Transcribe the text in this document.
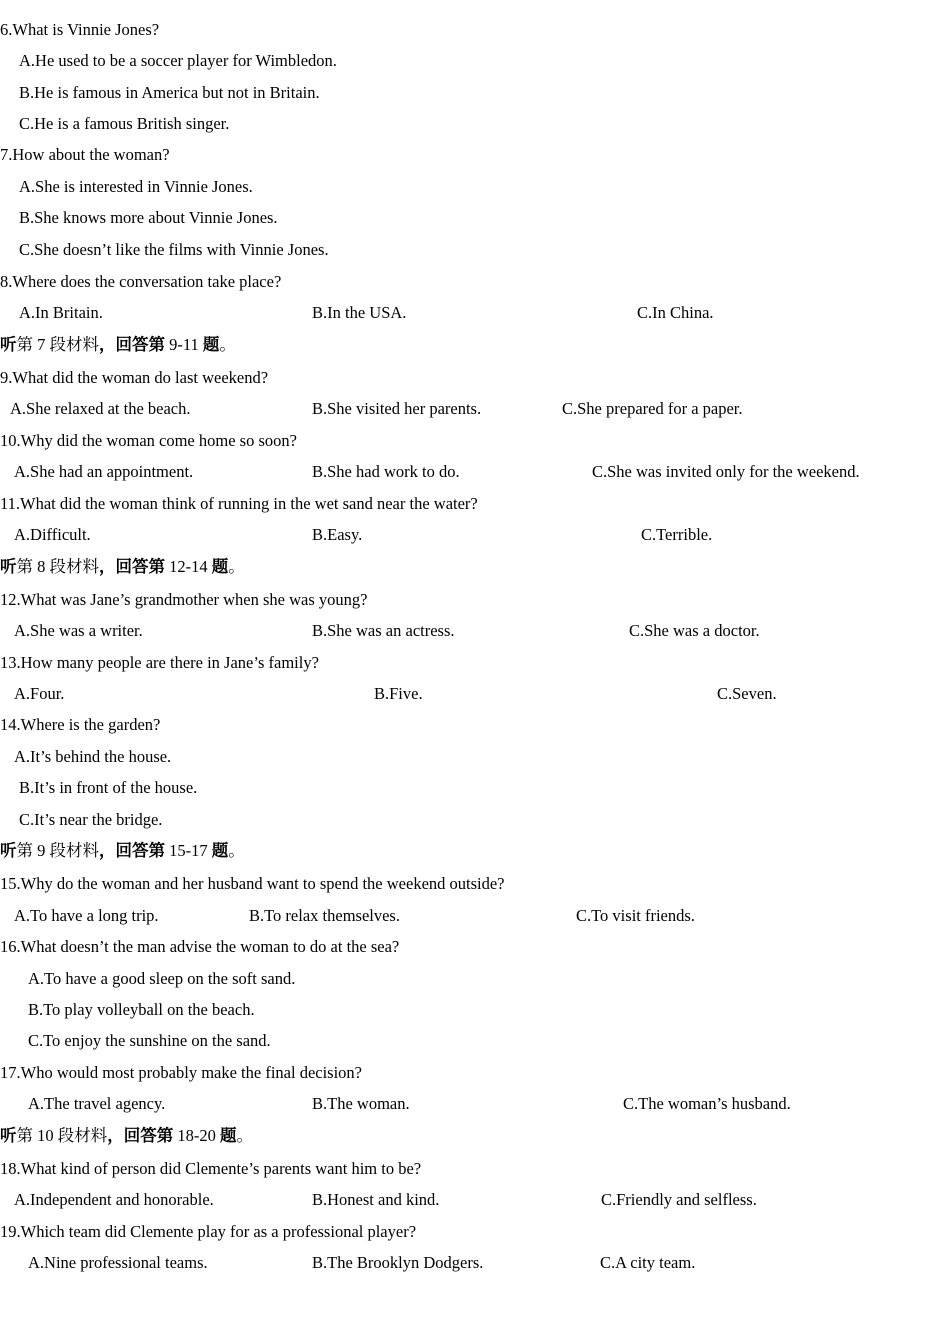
6.What is Vinnie Jones?
A.He used to be a soccer player for Wimbledon.
B.He is famous in America but not in Britain.
C.He is a famous British singer.
7.How about the woman?
A.She is interested in Vinnie Jones.
B.She knows more about Vinnie Jones.
C.She doesn’t like the films with Vinnie Jones.
8.Where does the conversation take place?
A.In Britain.	B.In the USA.	C.In China.
听第 7 段材料，回答第 9-11 题。
9.What did the woman do last weekend?
A.She relaxed at the beach.	B.She visited her parents.	C.She prepared for a paper.
10.Why did the woman come home so soon?
A.She had an appointment.	B.She had work to do.	C.She was invited only for the weekend.
11.What did the woman think of running in the wet sand near the water?
A.Difficult.	B.Easy.	C.Terrible.
听第 8 段材料，回答第 12-14 题。
12.What was Jane’s grandmother when she was young?
A.She was a writer.	B.She was an actress.	C.She was a doctor.
13.How many people are there in Jane’s family?
A.Four.	B.Five.	C.Seven.
14.Where is the garden?
A.It’s behind the house.
B.It’s in front of the house.
C.It’s near the bridge.
听第 9 段材料，回答第 15-17 题。
15.Why do the woman and her husband want to spend the weekend outside?
A.To have a long trip.	B.To relax themselves.	C.To visit friends.
16.What doesn’t the man advise the woman to do at the sea?
A.To have a good sleep on the soft sand.
B.To play volleyball on the beach.
C.To enjoy the sunshine on the sand.
17.Who would most probably make the final decision?
A.The travel agency.	B.The woman.	C.The woman’s husband.
听第 10 段材料，回答第 18-20 题。
18.What kind of person did Clemente’s parents want him to be?
A.Independent and honorable.	B.Honest and kind.	C.Friendly and selfless.
19.Which team did Clemente play for as a professional player?
A.Nine professional teams.	B.The Brooklyn Dodgers.	C.A city team.
